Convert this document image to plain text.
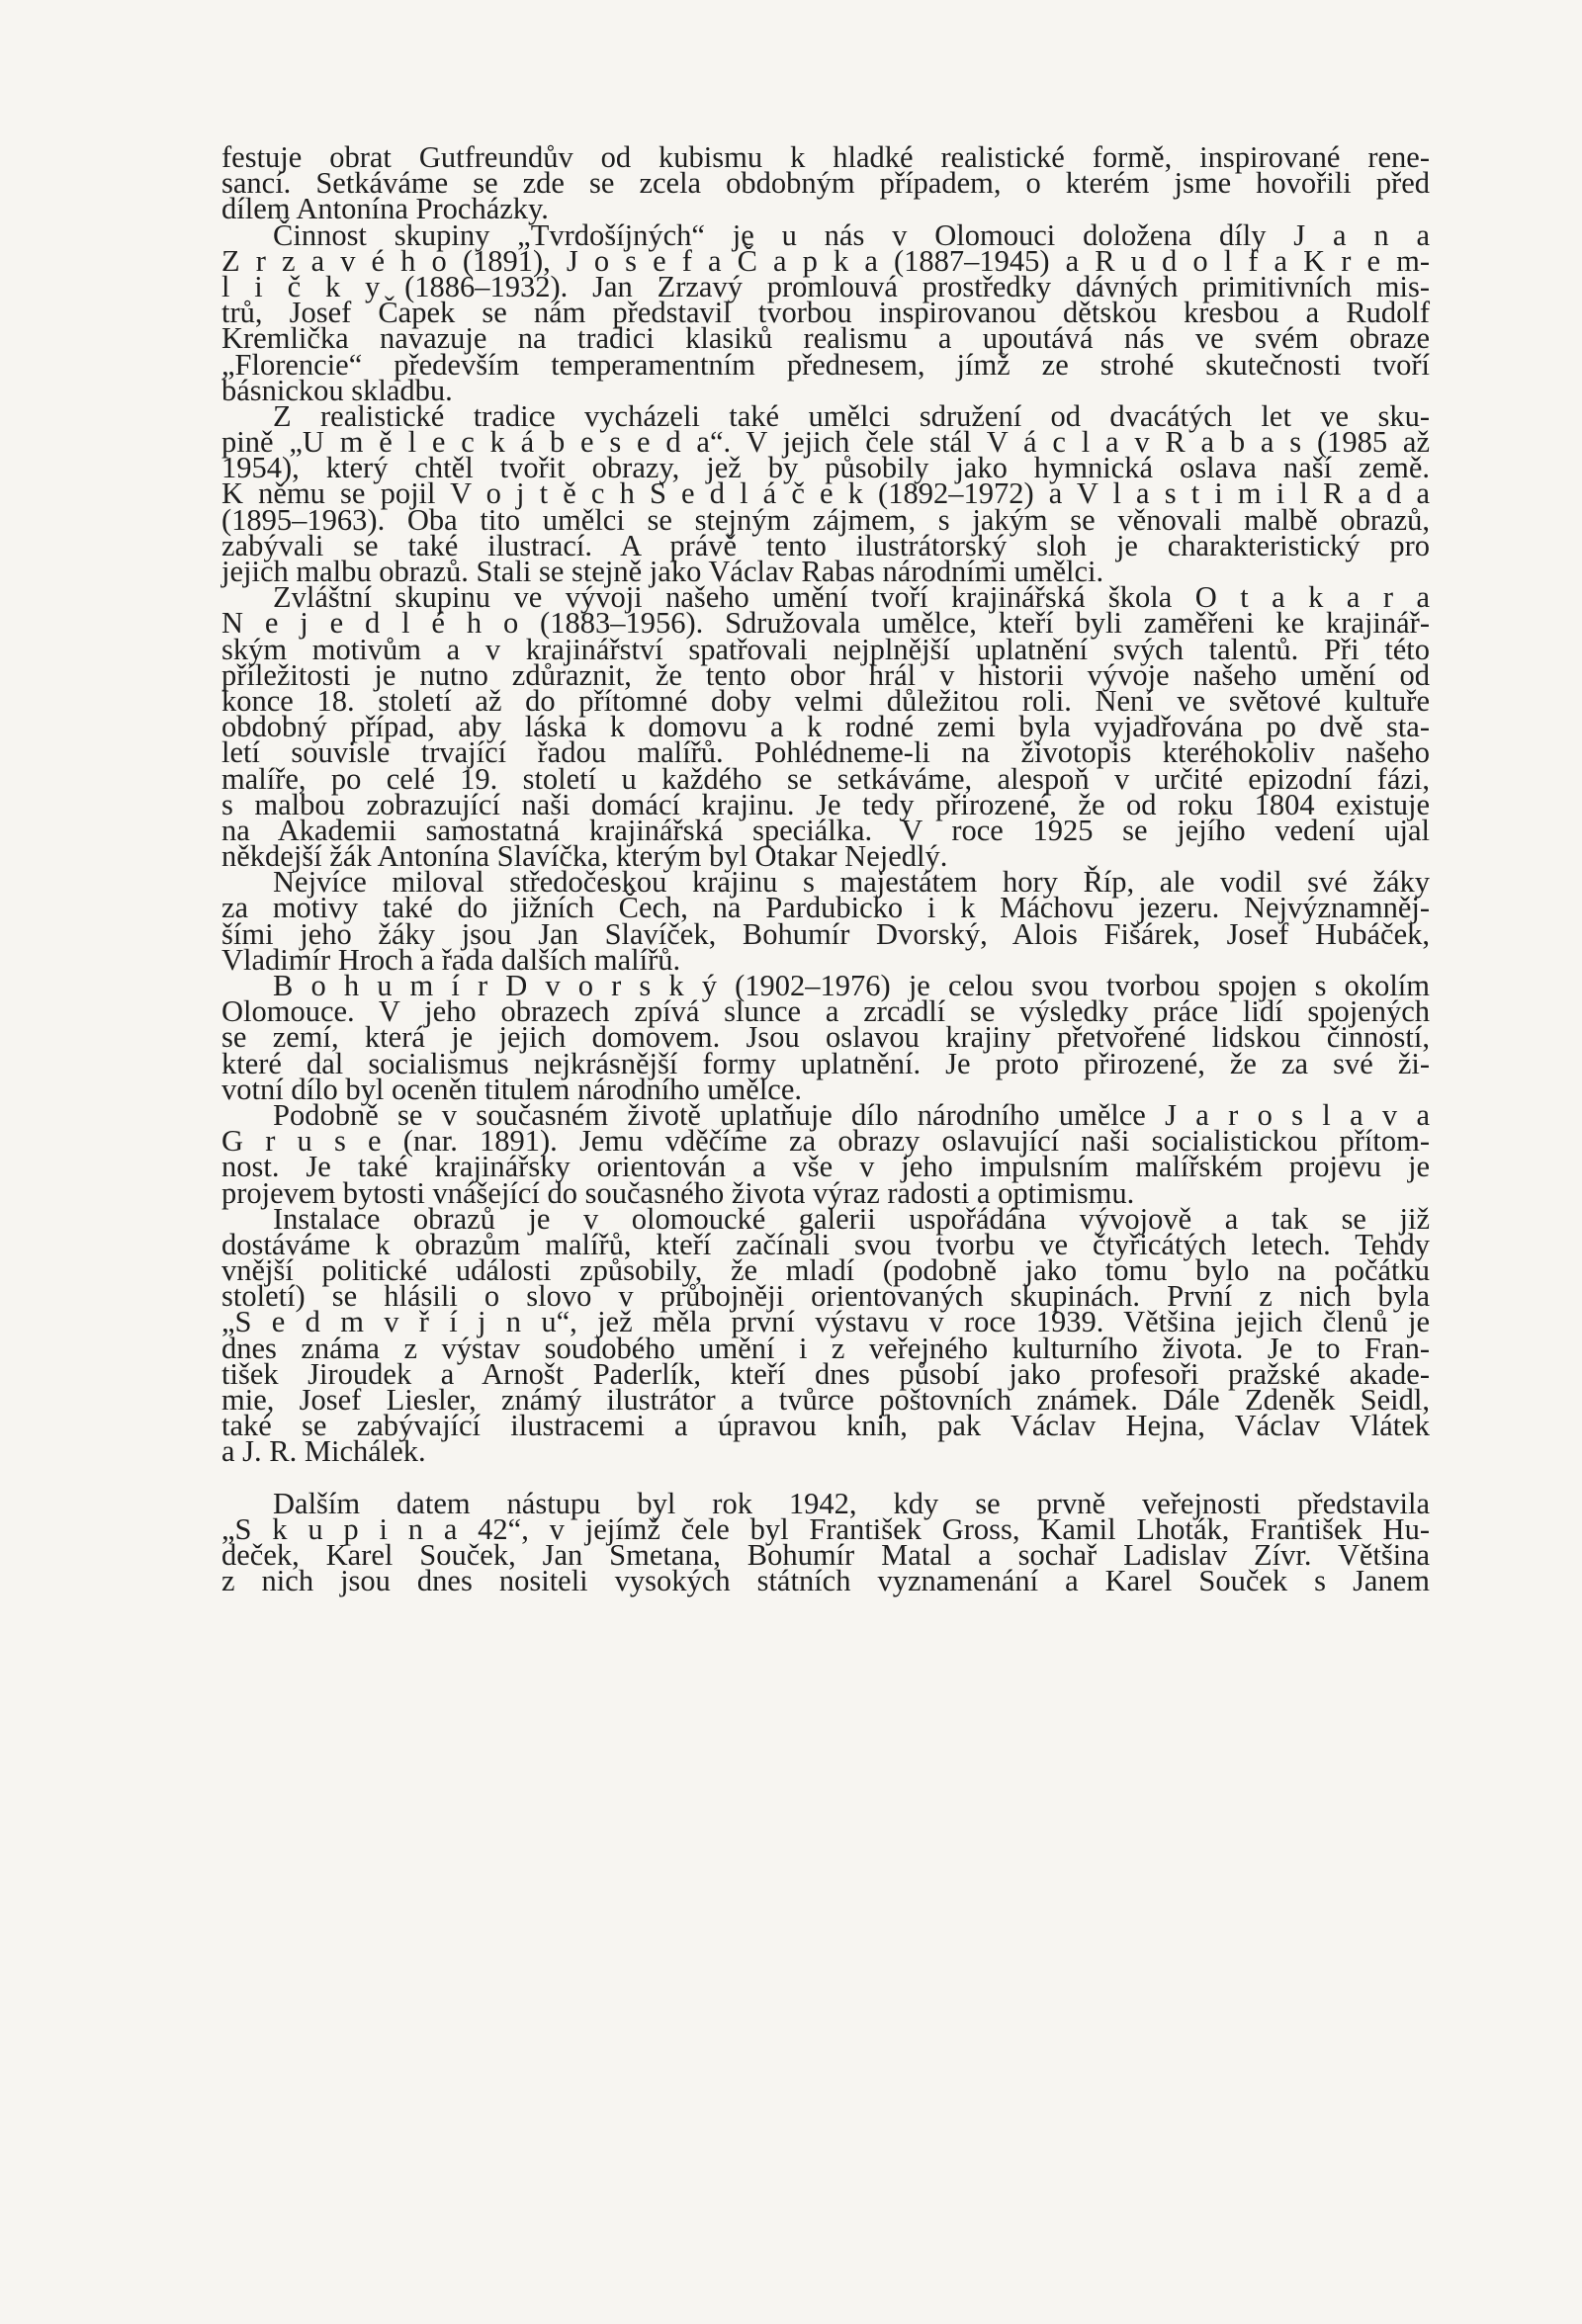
festuje obrat Gutfreundův od kubismu k hladké realistické formě, inspirované rene-
sancí. Setkáváme se zde se zcela obdobným případem, o kterém jsme hovořili před
dílem Antonína Procházky.
Činnost skupiny „Tvrdošíjných“ je u nás v Olomouci doložena díly J a n a
Z r z a v é h o (1891), J o s e f a Č a p k a (1887–1945) a R u d o l f a K r e m-
l i č k y (1886–1932). Jan Zrzavý promlouvá prostředky dávných primitivních mis-
trů, Josef Čapek se nám představil tvorbou inspirovanou dětskou kresbou a Rudolf
Kremlička navazuje na tradici klasiků realismu a upoutává nás ve svém obraze
„Florencie“ především temperamentním přednesem, jímž ze strohé skutečnosti tvoří
básnickou skladbu.
Z realistické tradice vycházeli také umělci sdružení od dvacátých let ve sku-
pině „U m ě l e c k á b e s e d a“. V jejich čele stál V á c l a v R a b a s (1985 až
1954), který chtěl tvořit obrazy, jež by působily jako hymnická oslava naší země.
K němu se pojil V o j t ě c h S e d l á č e k (1892–1972) a V l a s t i m i l R a d a
(1895–1963). Oba tito umělci se stejným zájmem, s jakým se věnovali malbě obrazů,
zabývali se také ilustrací. A právě tento ilustrátorský sloh je charakteristický pro
jejich malbu obrazů. Stali se stejně jako Václav Rabas národními umělci.
Zvláštní skupinu ve vývoji našeho umění tvoří krajinářská škola O t a k a r a
N e j e d l é h o (1883–1956). Sdružovala umělce, kteří byli zaměřeni ke krajinář-
ským motivům a v krajinářství spatřovali nejplnější uplatnění svých talentů. Při této
příležitosti je nutno zdůraznit, že tento obor hrál v historii vývoje našeho umění od
konce 18. století až do přítomné doby velmi důležitou roli. Není ve světové kultuře
obdobný případ, aby láska k domovu a k rodné zemi byla vyjadřována po dvě sta-
letí souvisle trvající řadou malířů. Pohlédneme-li na životopis kteréhokoliv našeho
malíře, po celé 19. století u každého se setkáváme, alespoň v určité epizodní fázi,
s malbou zobrazující naši domácí krajinu. Je tedy přirozené, že od roku 1804 existuje
na Akademii samostatná krajinářská speciálka. V roce 1925 se jejího vedení ujal
někdejší žák Antonína Slavíčka, kterým byl Otakar Nejedlý.
Nejvíce miloval středočeskou krajinu s majestátem hory Říp, ale vodil své žáky
za motivy také do jižních Čech, na Pardubicko i k Máchovu jezeru. Nejvýznamněj-
šími jeho žáky jsou Jan Slavíček, Bohumír Dvorský, Alois Fišárek, Josef Hubáček,
Vladimír Hroch a řada dalších malířů.
B o h u m í r D v o r s k ý (1902–1976) je celou svou tvorbou spojen s okolím
Olomouce. V jeho obrazech zpívá slunce a zrcadlí se výsledky práce lidí spojených
se zemí, která je jejich domovem. Jsou oslavou krajiny přetvořené lidskou činností,
které dal socialismus nejkrásnější formy uplatnění. Je proto přirozené, že za své ži-
votní dílo byl oceněn titulem národního umělce.
Podobně se v současném životě uplatňuje dílo národního umělce J a r o s l a v a
G r u s e (nar. 1891). Jemu vděčíme za obrazy oslavující naši socialistickou přítom-
nost. Je také krajinářsky orientován a vše v jeho impulsním malířském projevu je
projevem bytosti vnášející do současného života výraz radosti a optimismu.
Instalace obrazů je v olomoucké galerii uspořádána vývojově a tak se již
dostáváme k obrazům malířů, kteří začínali svou tvorbu ve čtyřicátých letech. Tehdy
vnější politické události způsobily, že mladí (podobně jako tomu bylo na počátku
století) se hlásili o slovo v průbojněji orientovaných skupinách. První z nich byla
„S e d m v ř í j n u“, jež měla první výstavu v roce 1939. Většina jejich členů je
dnes známa z výstav soudobého umění i z veřejného kulturního života. Je to Fran-
tišek Jiroudek a Arnošt Paderlík, kteří dnes působí jako profesoři pražské akade-
mie, Josef Liesler, známý ilustrátor a tvůrce poštovních známek. Dále Zdeněk Seidl,
také se zabývající ilustracemi a úpravou knih, pak Václav Hejna, Václav Vlátek
a J. R. Michálek.
Dalším datem nástupu byl rok 1942, kdy se prvně veřejnosti představila
„S k u p i n a 42“, v jejímž čele byl František Gross, Kamil Lhoták, František Hu-
deček, Karel Souček, Jan Smetana, Bohumír Matal a sochař Ladislav Zívr. Většina
z nich jsou dnes nositeli vysokých státních vyznamenání a Karel Souček s Janem
